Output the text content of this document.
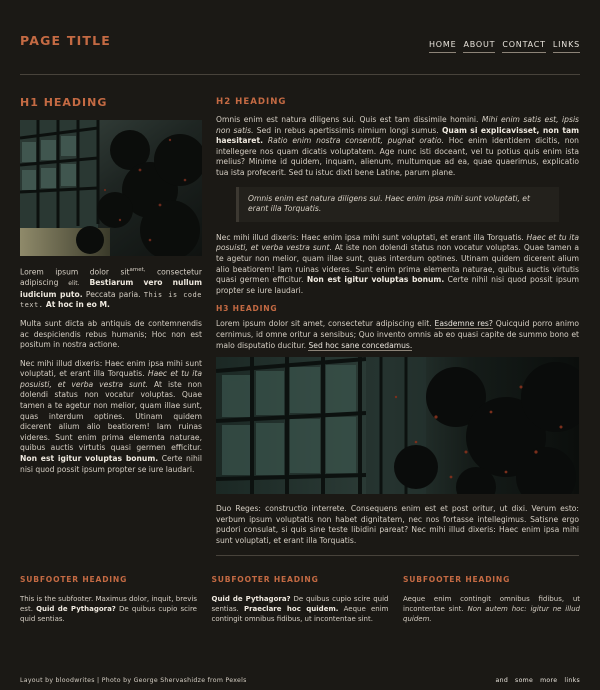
PAGE TITLE	HOME ABOUT CONTACT LINKS
H1 HEADING

Lorem ipsum dolor sit$^{amet,}$ consectetur adipiscing elit. Bestiarum vero nullum iudicium puto. Peccata paria. This is code text. At hoc in eo M.

Multa sunt dicta ab antiquis de contemnendis ac despiciendis rebus humanis; Hoc non est positum in nostra actione.

Nec mihi illud dixeris: Haec enim ipsa mihi sunt voluptati, et erant illa Torquatis. Haec et tu ita posuisti, et verba vestra sunt. At iste non dolendi status non vocatur voluptas. Quae tamen a te agetur non melior, quam illae sunt, quas interdum optines. Utinam quidem dicerent alium alio beatiorem! Iam ruinas videres. Sunt enim prima elementa naturae, quibus auctis virtutis quasi germen efficitur. Non est igitur voluptas bonum. Certe nihil nisi quod possit ipsum propter se iure laudari.

H2 HEADING

Omnis enim est natura diligens sui. Quis est tam dissimile homini. Mihi enim satis est, ipsis non satis. Sed in rebus apertissimis nimium longi sumus. Quam si explicavisset, non tam haesitaret. Ratio enim nostra consentit, pugnat oratio. Hoc enim identidem dicitis, non intellegere nos quam dicatis voluptatem. Age nunc isti doceant, vel tu potius quis enim ista melius? Minime id quidem, inquam, alienum, multumque ad ea, quae quaerimus, explicatio tua ista profecerit. Sed tu istuc dixti bene Latine, parum plane.

Omnis enim est natura diligens sui. Haec enim ipsa mihi sunt voluptati, et erant illa Torquatis.

Nec mihi illud dixeris: Haec enim ipsa mihi sunt voluptati, et erant illa Torquatis. Haec et tu ita posuisti, et verba vestra sunt. At iste non dolendi status non vocatur voluptas. Quae tamen a te agetur non melior, quam illae sunt, quas interdum optines. Utinam quidem dicerent alium alio beatiorem! Iam ruinas videres. Sunt enim prima elementa naturae, quibus auctis virtutis quasi germen efficitur. Non est igitur voluptas bonum. Certe nihil nisi quod possit ipsum propter se iure laudari.

H3 HEADING

Lorem ipsum dolor sit amet, consectetur adipiscing elit. Easdemne res? Quicquid porro animo cernimus, id omne oritur a sensibus; Quo invento omnis ab eo quasi capite de summo bono et malo disputatio ducitur. Sed hoc sane concedamus.

Duo Reges: constructio interrete. Consequens enim est et post oritur, ut dixi. Verum esto: verbum ipsum voluptatis non habet dignitatem, nec nos fortasse intellegimus. Satisne ergo pudori consulat, si quis sine teste libidini pareat? Nec mihi illud dixeris: Haec enim ipsa mihi sunt voluptati, et erant illa Torquatis.

SUBFOOTER HEADING

This is the subfooter. Maximus dolor, inquit, brevis est. Quid de Pythagora? De quibus cupio scire quid sentias.

SUBFOOTER HEADING

Quid de Pythagora? De quibus cupio scire quid sentias. Praeclare hoc quidem. Aeque enim contingit omnibus fidibus, ut incontentae sint.

SUBFOOTER HEADING

Aeque enim contingit omnibus fidibus, ut incontentae sint. Non autem hoc: igitur ne illud quidem.

Layout by bloodwrites | Photo by George Shervashidze from Pexels	and some more links
